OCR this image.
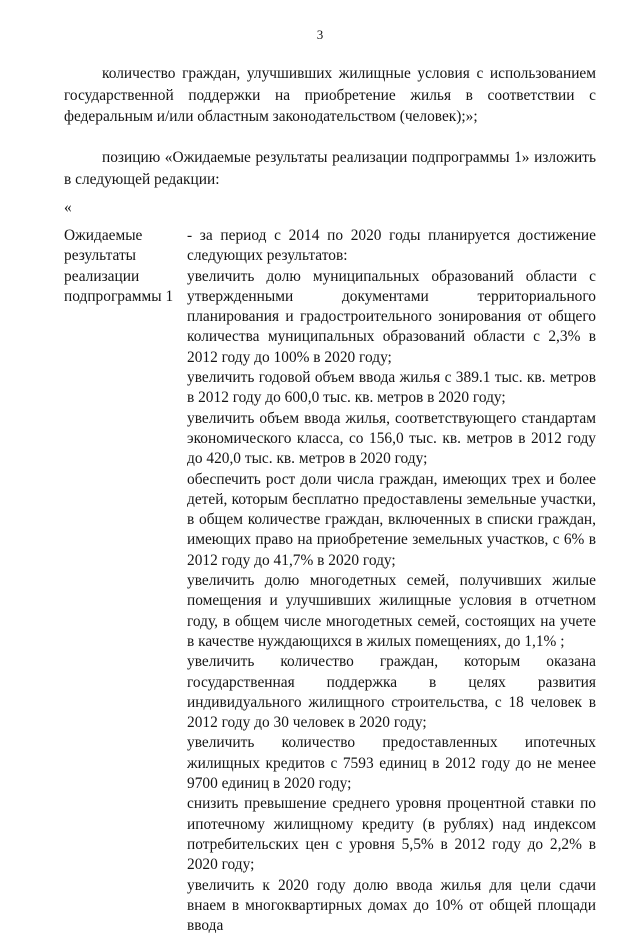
3

количество граждан, улучшивших жилищные условия с использованием государственной поддержки на приобретение жилья в соответствии с федеральным и/или областным законодательством (человек);»;

позицию «Ожидаемые результаты реализации подпрограммы 1» изложить в следующей редакции:

«
Ожидаемые результаты реализации подпрограммы 1

- за период с 2014 по 2020 годы планируется достижение следующих результатов:

увеличить долю муниципальных образований области с утвержденными документами территориального планирования и градостроительного зонирования от общего количества муниципальных образований области с 2,3% в 2012 году до 100% в 2020 году;

увеличить годовой объем ввода жилья с 389.1 тыс. кв. метров в 2012 году до 600,0 тыс. кв. метров в 2020 году;

увеличить объем ввода жилья, соответствующего стандартам экономического класса, со 156,0 тыс. кв. метров в 2012 году до 420,0 тыс. кв. метров в 2020 году;

обеспечить рост доли числа граждан, имеющих трех и более детей, которым бесплатно предоставлены земельные участки, в общем количестве граждан, включенных в списки граждан, имеющих право на приобретение земельных участков, с 6% в 2012 году до 41,7% в 2020 году;

увеличить долю многодетных семей, получивших жилые помещения и улучшивших жилищные условия в отчетном году, в общем числе многодетных семей, состоящих на учете в качестве нуждающихся в жилых помещениях, до 1,1% ;

увеличить количество граждан, которым оказана государственная поддержка в целях развития индивидуального жилищного строительства, с 18 человек в 2012 году до 30 человек в 2020 году;

увеличить количество предоставленных ипотечных жилищных кредитов с 7593 единиц в 2012 году до не менее 9700 единиц в 2020 году;

снизить превышение среднего уровня процентной ставки по ипотечному жилищному кредиту (в рублях) над индексом потребительских цен с уровня 5,5% в 2012 году до 2,2% в 2020 году;

увеличить к 2020 году долю ввода жилья для цели сдачи внаем в многоквартирных домах до 10% от общей площади ввода
